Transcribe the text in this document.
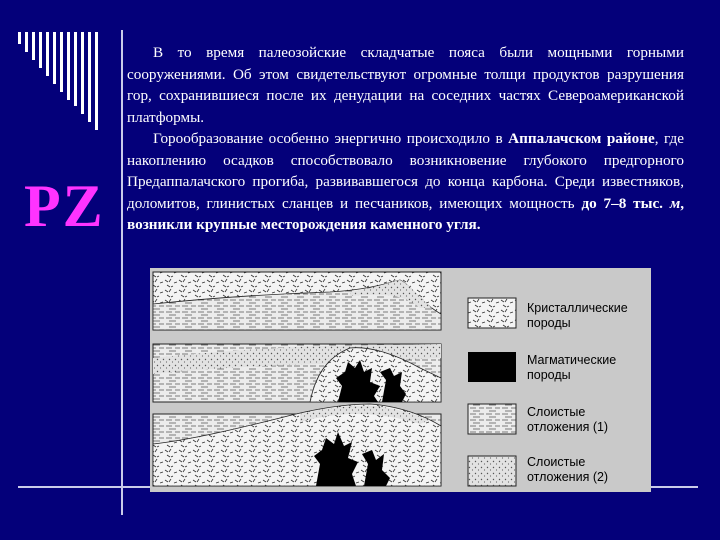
PZ

В то время палеозойские складчатые пояса были мощными горными сооружениями. Об этом свидетельствуют огромные толщи продуктов разрушения гор, сохранившиеся после их денудации на соседних частях Североамериканской платформы.

Горообразование особенно энергично происходило в Аппалачском районе, где накоплению осадков способствовало возникновение глубокого предгорного Предаппалачского прогиба, развивавшегося до конца карбона. Среди известняков, доломитов, глинистых сланцев и песчаников, имеющих мощность до 7–8 тыс. м, возникли крупные месторождения каменного угля.

Кристаллические
породы
Магматические
породы
Слоистые
отложения (1)
Слоистые
отложения (2)
